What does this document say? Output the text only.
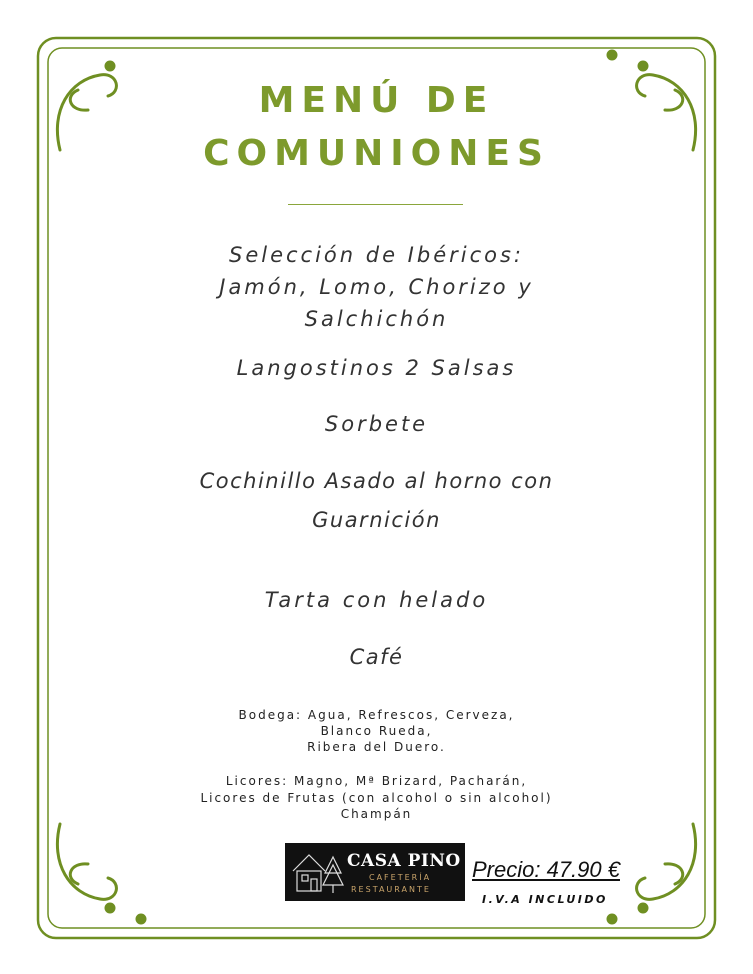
MENÚ DE
COMUNIONES
Selección de Ibéricos:
Jamón, Lomo, Chorizo y
Salchichón
Langostinos 2 Salsas
Sorbete
Cochinillo Asado al horno con
Guarnición
Tarta con helado
Café
Bodega: Agua, Refrescos, Cerveza,
Blanco Rueda,
Ribera del Duero.
Licores: Magno, Mª Brizard, Pacharán,
Licores de Frutas (con alcohol o sin alcohol)
Champán
CASA PINO
CAFETERÍA
RESTAURANTE
Precio: 47.90 €
I.V.A INCLUIDO
